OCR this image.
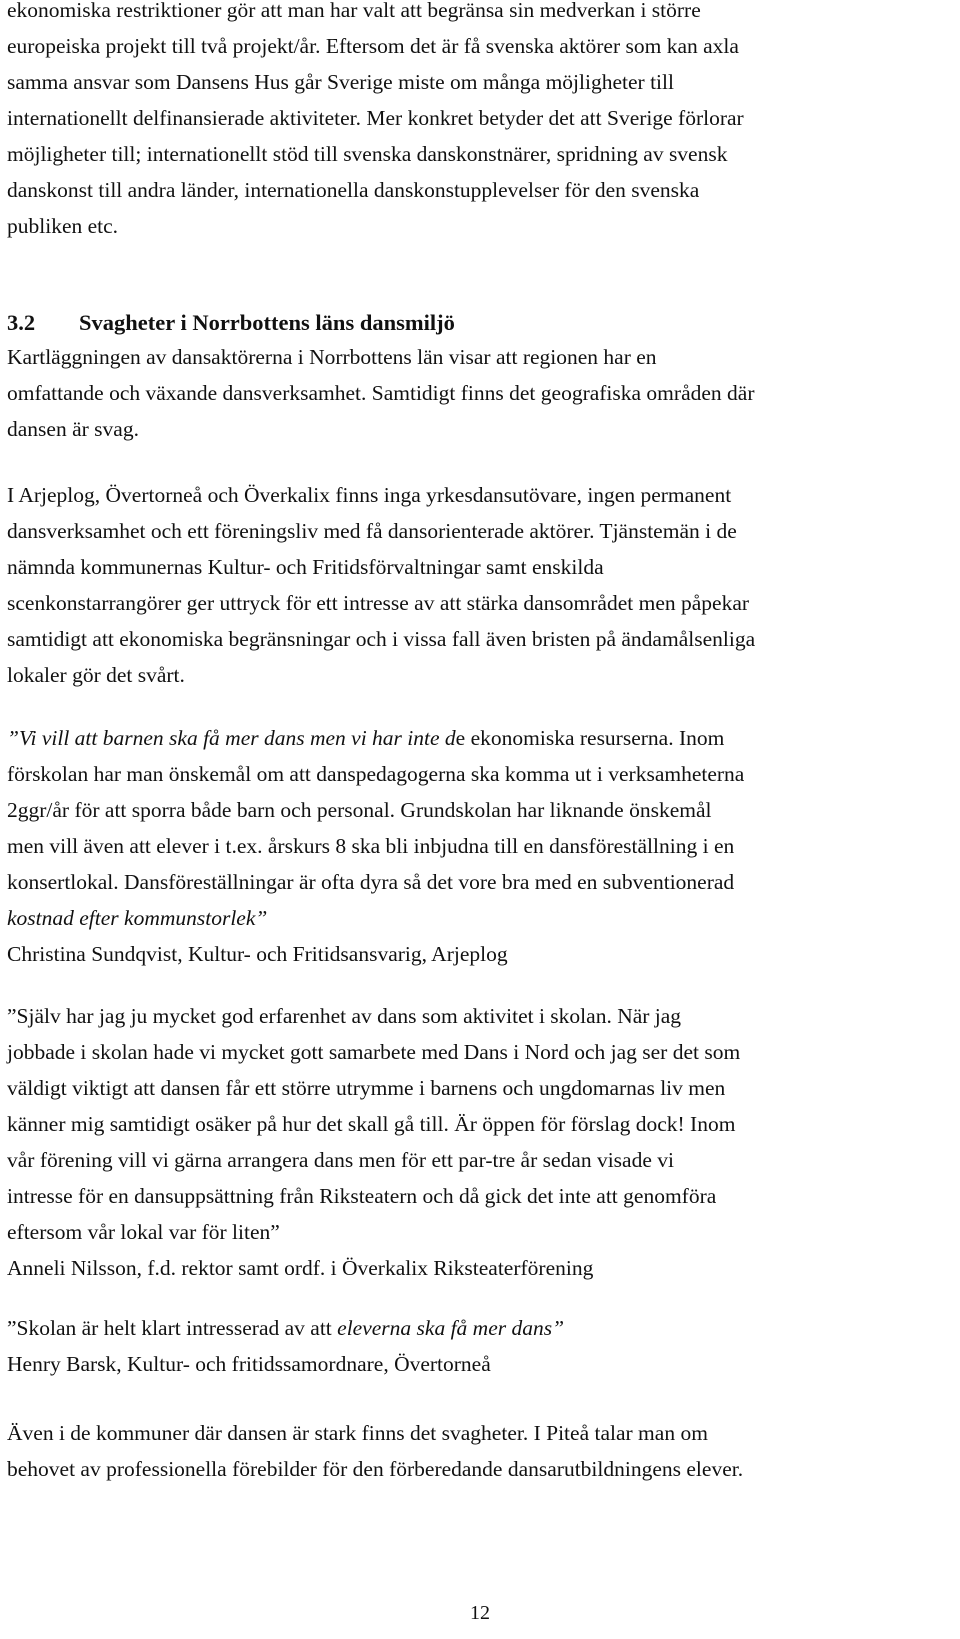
ekonomiska restriktioner gör att man har valt att begränsa sin medverkan i större
europeiska projekt till två projekt/år. Eftersom det är få svenska aktörer som kan axla
samma ansvar som Dansens Hus går Sverige miste om många möjligheter till
internationellt delfinansierade aktiviteter. Mer konkret betyder det att Sverige förlorar
möjligheter till; internationellt stöd till svenska danskonstnärer, spridning av svensk
danskonst till andra länder, internationella danskonstupplevelser för den svenska
publiken etc.
3.2 Svagheter i Norrbottens läns dansmiljö
Kartläggningen av dansaktörerna i Norrbottens län visar att regionen har en
omfattande och växande dansverksamhet. Samtidigt finns det geografiska områden där
dansen är svag.
I Arjeplog, Övertorneå och Överkalix finns inga yrkesdansutövare, ingen permanent
dansverksamhet och ett föreningsliv med få dansorienterade aktörer. Tjänstemän i de
nämnda kommunernas Kultur- och Fritidsförvaltningar samt enskilda
scenkonstarrangörer ger uttryck för ett intresse av att stärka dansområdet men påpekar
samtidigt att ekonomiska begränsningar och i vissa fall även bristen på ändamålsenliga
lokaler gör det svårt.
”Vi vill att barnen ska få mer dans men vi har inte de ekonomiska resurserna. Inom
förskolan har man önskemål om att danspedagogerna ska komma ut i verksamheterna
2ggr/år för att sporra både barn och personal. Grundskolan har liknande önskemål
men vill även att elever i t.ex. årskurs 8 ska bli inbjudna till en dansföreställning i en
konsertlokal. Dansföreställningar är ofta dyra så det vore bra med en subventionerad
kostnad efter kommunstorlek”
Christina Sundqvist, Kultur- och Fritidsansvarig, Arjeplog
”Själv har jag ju mycket god erfarenhet av dans som aktivitet i skolan. När jag
jobbade i skolan hade vi mycket gott samarbete med Dans i Nord och jag ser det som
väldigt viktigt att dansen får ett större utrymme i barnens och ungdomarnas liv men
känner mig samtidigt osäker på hur det skall gå till. Är öppen för förslag dock! Inom
vår förening vill vi gärna arrangera dans men för ett par-tre år sedan visade vi
intresse för en dansuppsättning från Riksteatern och då gick det inte att genomföra
eftersom vår lokal var för liten”
Anneli Nilsson, f.d. rektor samt ordf. i Överkalix Riksteaterförening
”Skolan är helt klart intresserad av att eleverna ska få mer dans”
Henry Barsk, Kultur- och fritidssamordnare, Övertorneå
Även i de kommuner där dansen är stark finns det svagheter. I Piteå talar man om
behovet av professionella förebilder för den förberedande dansarutbildningens elever.
12
